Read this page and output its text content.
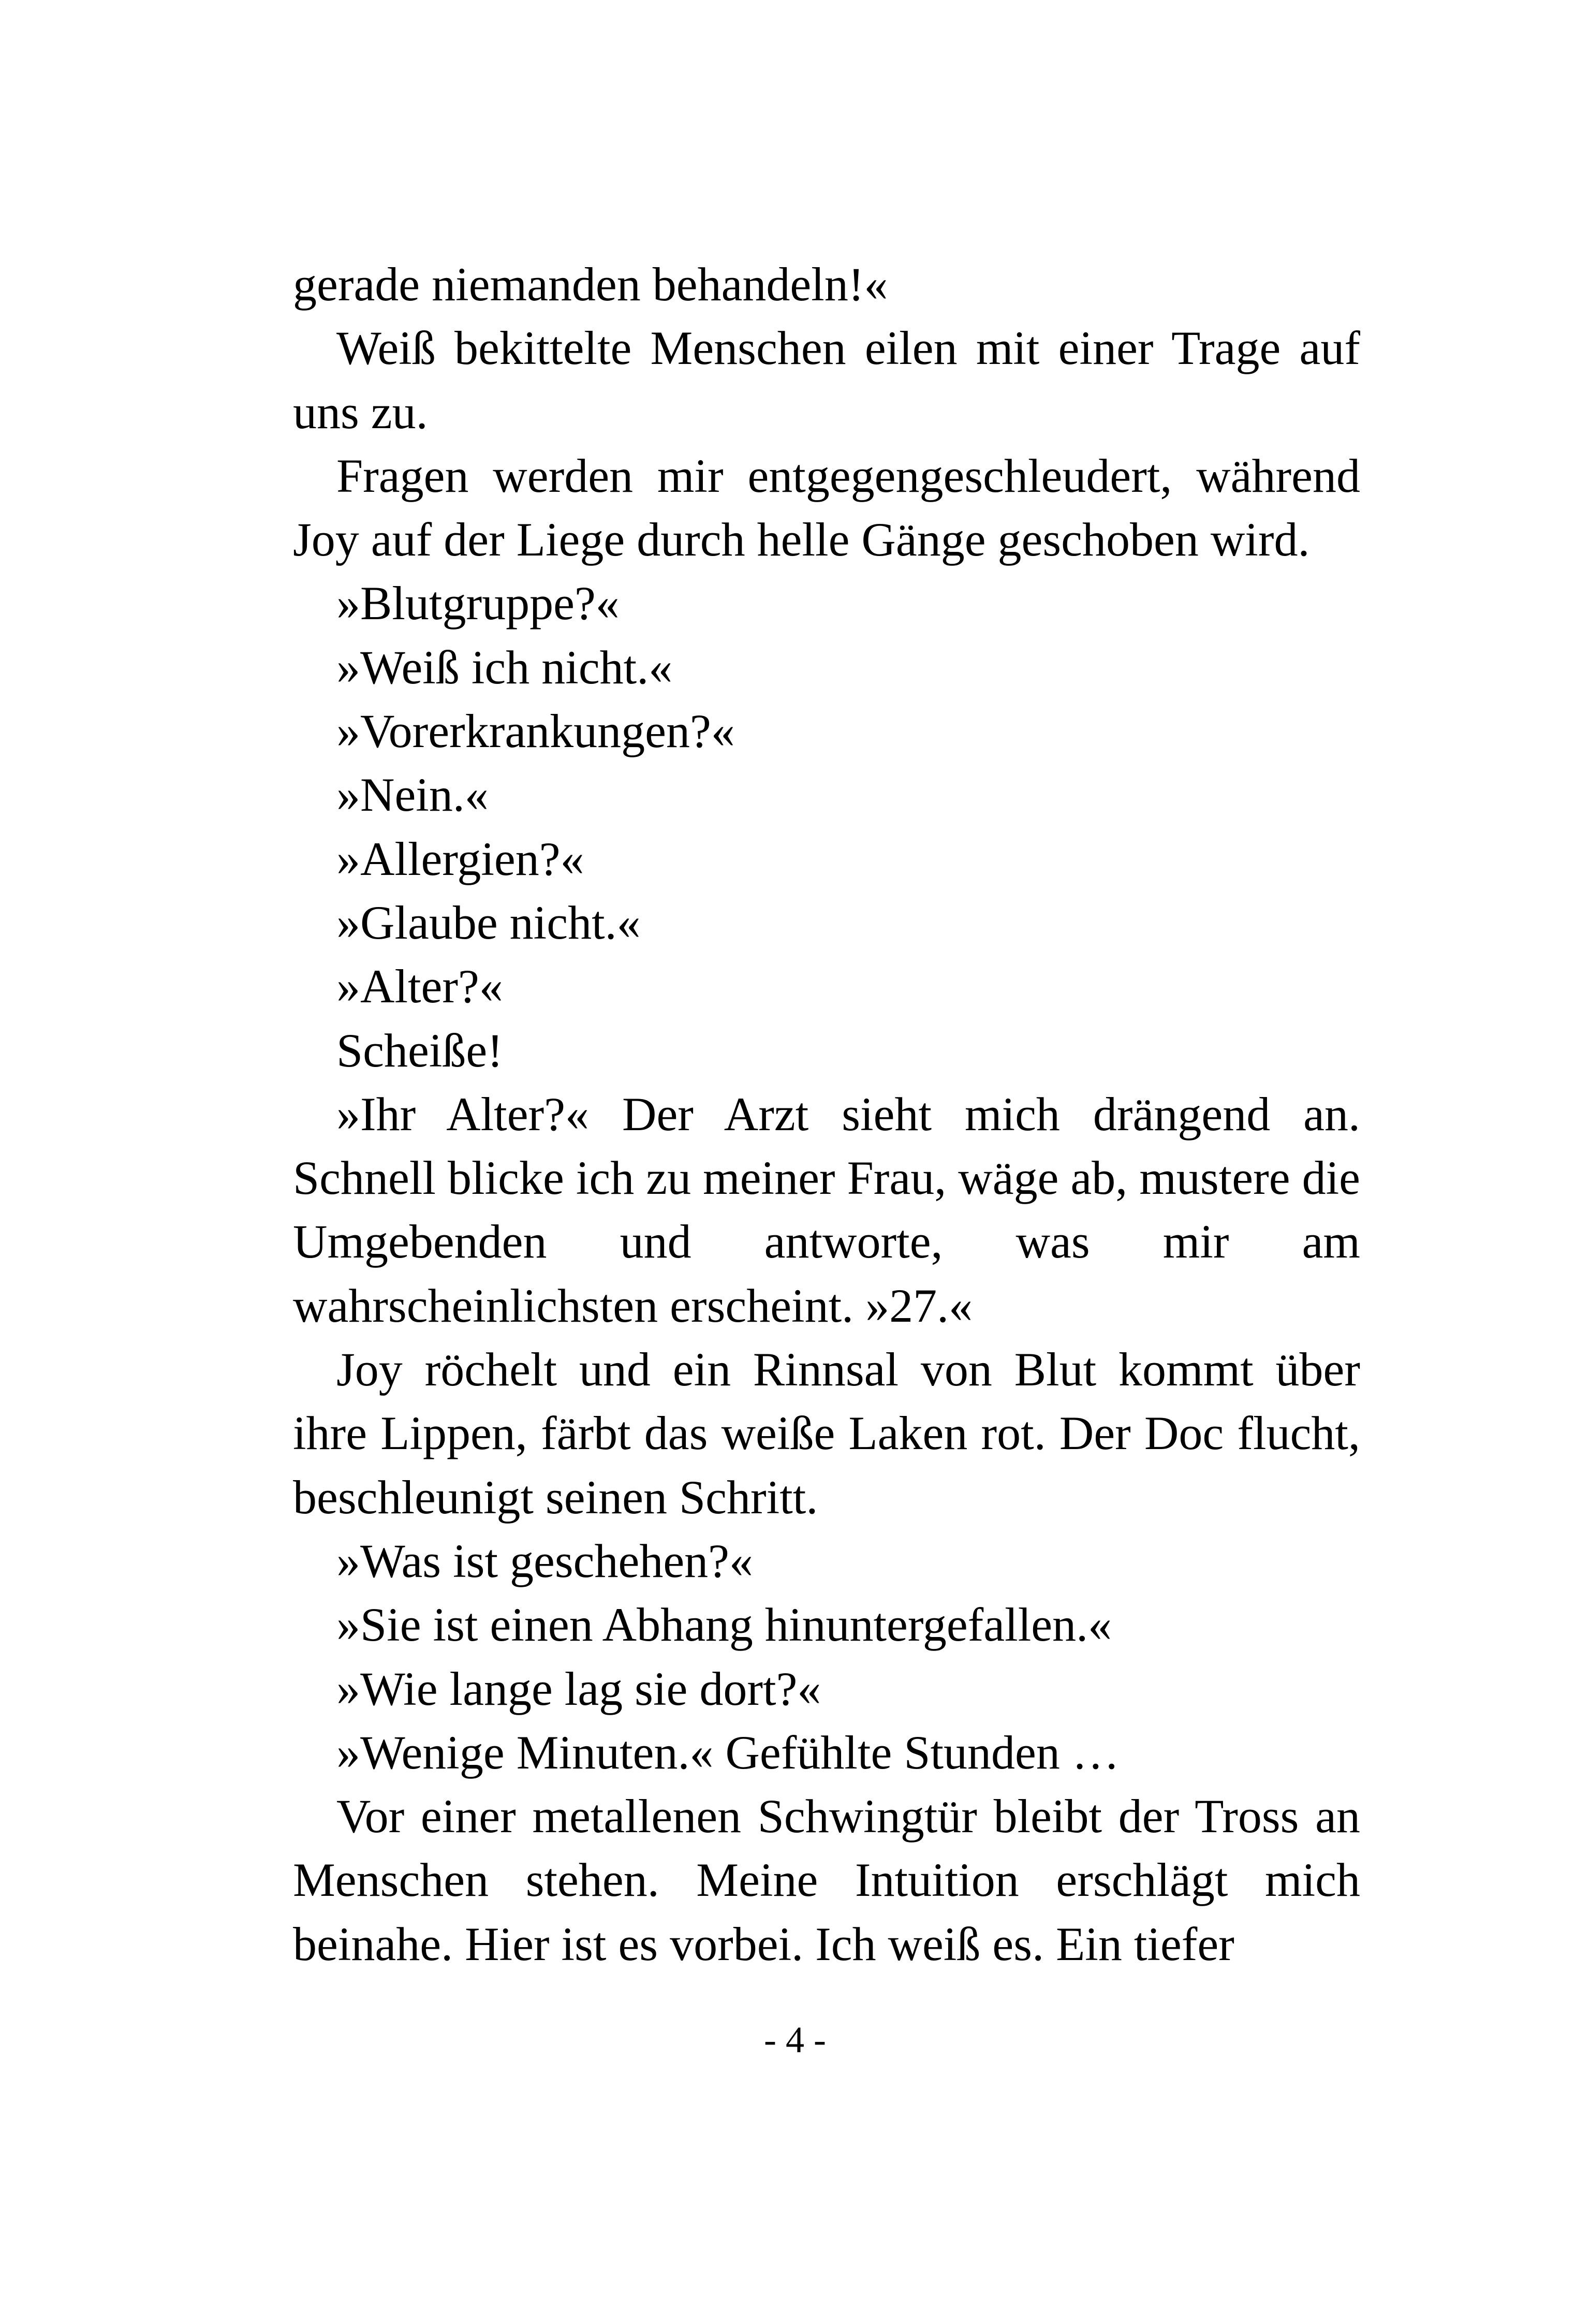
gerade niemanden behandeln!«

Weiß bekittelte Menschen eilen mit einer Trage auf uns zu.

Fragen werden mir entgegengeschleudert, während Joy auf der Liege durch helle Gänge geschoben wird.

»Blutgruppe?«

»Weiß ich nicht.«

»Vorerkrankungen?«

»Nein.«

»Allergien?«

»Glaube nicht.«

»Alter?«

Scheiße!

»Ihr Alter?« Der Arzt sieht mich drängend an. Schnell blicke ich zu meiner Frau, wäge ab, mustere die Umgebenden und antworte, was mir am wahrscheinlichsten erscheint. »27.«

Joy röchelt und ein Rinnsal von Blut kommt über ihre Lippen, färbt das weiße Laken rot. Der Doc flucht, beschleunigt seinen Schritt.

»Was ist geschehen?«

»Sie ist einen Abhang hinuntergefallen.«

»Wie lange lag sie dort?«

»Wenige Minuten.« Gefühlte Stunden …

Vor einer metallenen Schwingtür bleibt der Tross an Menschen stehen. Meine Intuition erschlägt mich beinahe. Hier ist es vorbei. Ich weiß es. Ein tiefer

- 4 -
